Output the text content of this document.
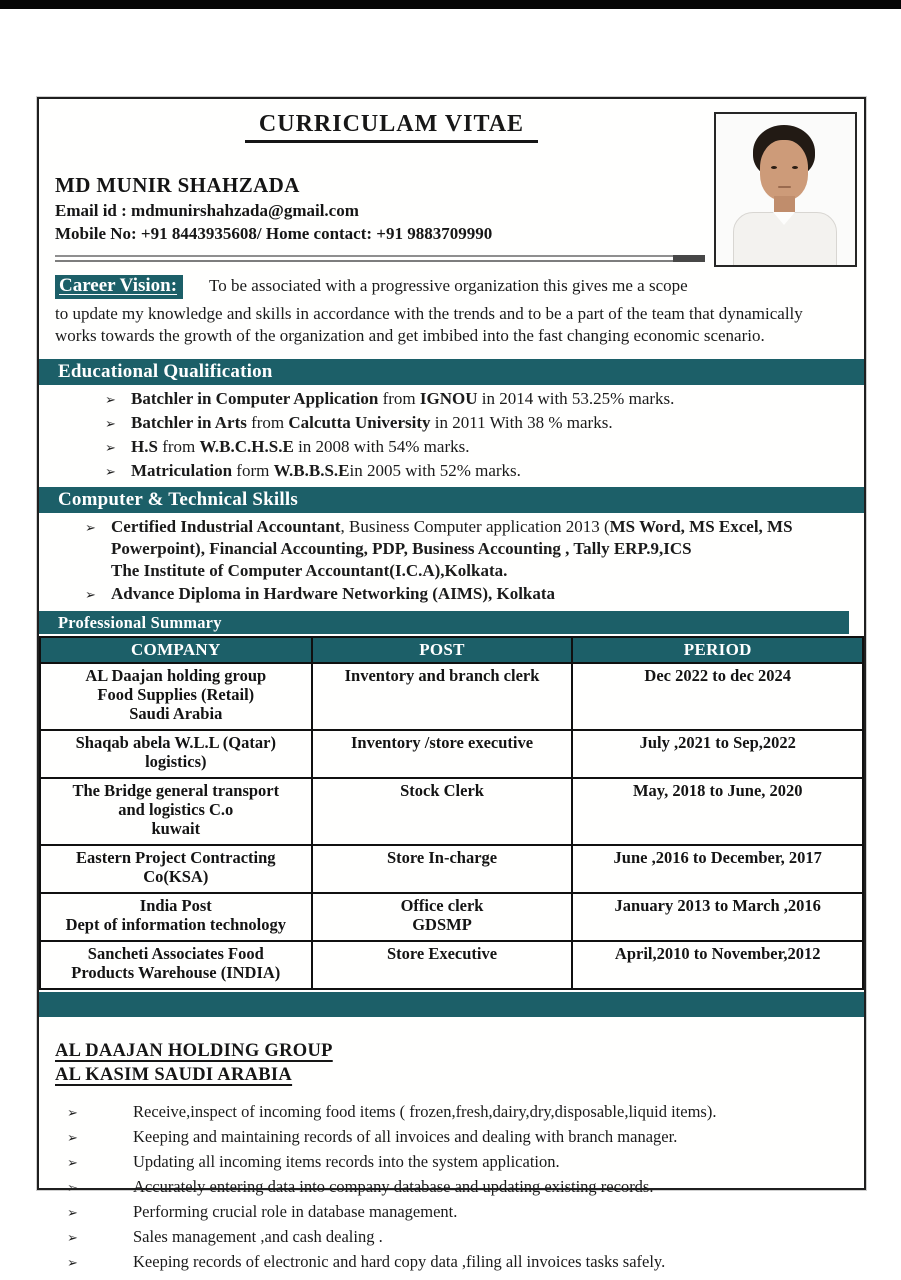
CURRICULAM VITAE
MD MUNIR SHAHZADA
Email id : mdmunirshahzada@gmail.com
Mobile No: +91 8443935608/ Home contact: +91 9883709990
Career Vision: To be associated with a progressive organization this gives me a scope
to update my knowledge and skills in accordance with the trends and to be a part of the team that dynamically works towards the growth of the organization and get imbibed into the fast changing economic scenario.
Educational Qualification
➢ Batchler in Computer Application from IGNOU in 2014 with 53.25% marks.
➢ Batchler in Arts from Calcutta University in 2011 With 38 % marks.
➢ H.S from W.B.C.H.S.E in 2008 with 54% marks.
➢ Matriculation form W.B.B.S.Ein 2005 with 52% marks.
Computer & Technical Skills
➢ Certified Industrial Accountant, Business Computer application 2013 (MS Word, MS Excel, MS Powerpoint), Financial Accounting, PDP, Business Accounting , Tally ERP.9,ICS
The Institute of Computer Accountant(I.C.A),Kolkata.
➢ Advance Diploma in Hardware Networking (AIMS), Kolkata
Professional Summary
COMPANY	POST	PERIOD
AL Daajan holding group
Food Supplies (Retail)
Saudi Arabia	Inventory and branch clerk	Dec 2022 to dec 2024
Shaqab abela W.L.L (Qatar)
logistics)	Inventory /store executive	July ,2021 to Sep,2022
The Bridge general transport
and logistics C.o
kuwait	Stock Clerk	May, 2018 to June, 2020
Eastern Project Contracting
Co(KSA)	Store In-charge	June ,2016 to December, 2017
India Post
Dept of information technology	Office clerk
GDSMP	January 2013 to March ,2016
Sancheti Associates Food
Products Warehouse (INDIA)	Store Executive	April,2010 to November,2012
AL DAAJAN HOLDING GROUP
AL KASIM SAUDI ARABIA
➢	Receive,inspect of incoming food items ( frozen,fresh,dairy,dry,disposable,liquid items).
➢	Keeping and maintaining records of all invoices and dealing with branch manager.
➢	Updating all incoming items records into the system application.
➢	Accurately entering data into company database and updating existing records.
➢	Performing crucial role in database management.
➢	Sales management ,and cash dealing .
➢	Keeping records of electronic and hard copy data ,filing all invoices tasks safely.
